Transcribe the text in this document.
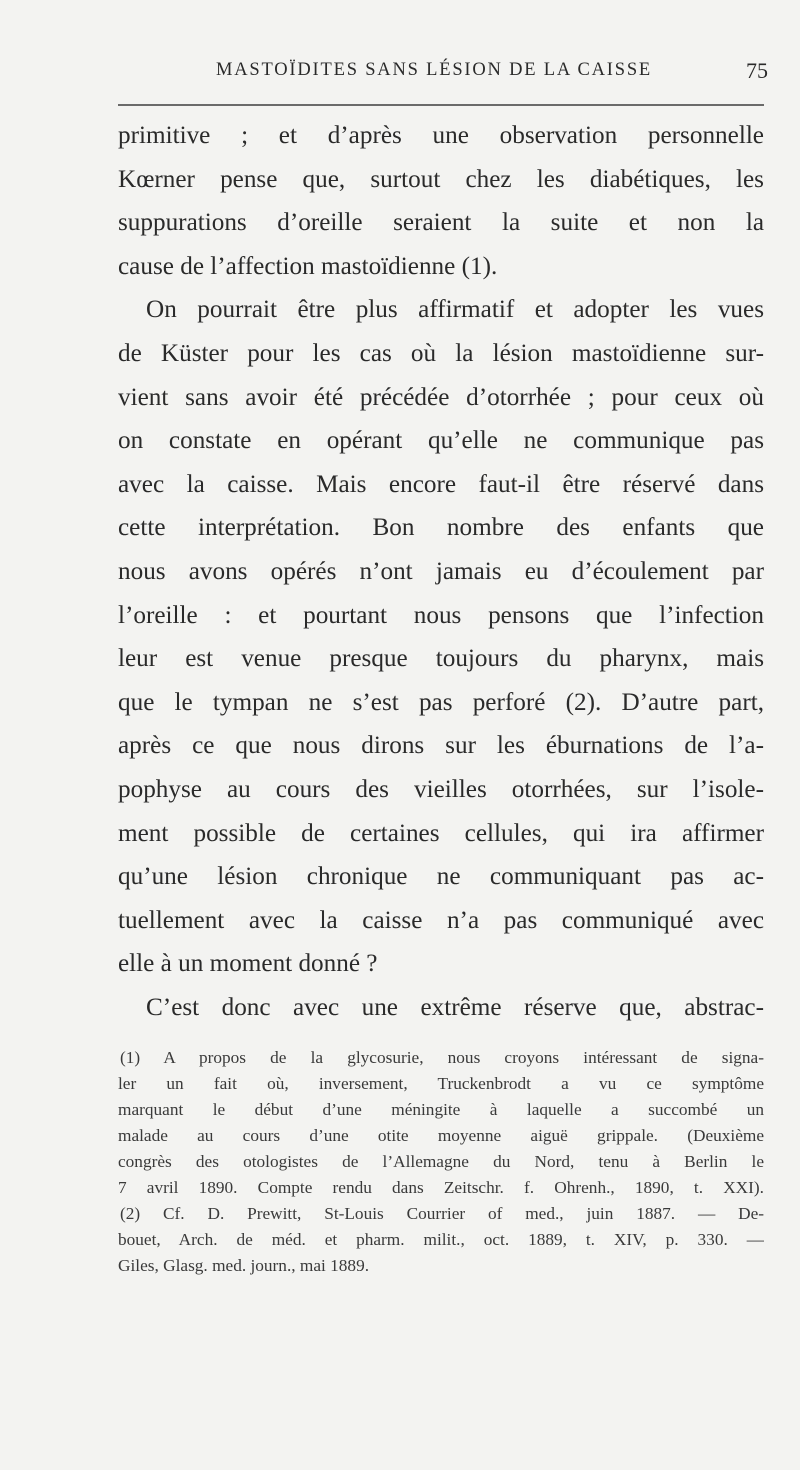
MASTOÏDITES SANS LÉSION DE LA CAISSE	75
primitive ; et d’après une observation personnelle
Kœrner pense que, surtout chez les diabétiques, les
suppurations d’oreille seraient la suite et non la
cause de l’affection mastoïdienne (1).
On pourrait être plus affirmatif et adopter les vues
de Küster pour les cas où la lésion mastoïdienne sur-
vient sans avoir été précédée d’otorrhée ; pour ceux où
on constate en opérant qu’elle ne communique pas
avec la caisse. Mais encore faut-il être réservé dans
cette interprétation. Bon nombre des enfants que
nous avons opérés n’ont jamais eu d’écoulement par
l’oreille : et pourtant nous pensons que l’infection
leur est venue presque toujours du pharynx, mais
que le tympan ne s’est pas perforé (2). D’autre part,
après ce que nous dirons sur les éburnations de l’a-
pophyse au cours des vieilles otorrhées, sur l’isole-
ment possible de certaines cellules, qui ira affirmer
qu’une lésion chronique ne communiquant pas ac-
tuellement avec la caisse n’a pas communiqué avec
elle à un moment donné ?
C’est donc avec une extrême réserve que, abstrac-
(1) A propos de la glycosurie, nous croyons intéressant de signa-
ler un fait où, inversement, Truckenbrodt a vu ce symptôme
marquant le début d’une méningite à laquelle a succombé un
malade au cours d’une otite moyenne aiguë grippale. (Deuxième
congrès des otologistes de l’Allemagne du Nord, tenu à Berlin le
7 avril 1890. Compte rendu dans Zeitschr. f. Ohrenh., 1890, t. XXI).
(2) Cf. D. Prewitt, St-Louis Courrier of med., juin 1887. — De-
bouet, Arch. de méd. et pharm. milit., oct. 1889, t. XIV, p. 330. —
Giles, Glasg. med. journ., mai 1889.
